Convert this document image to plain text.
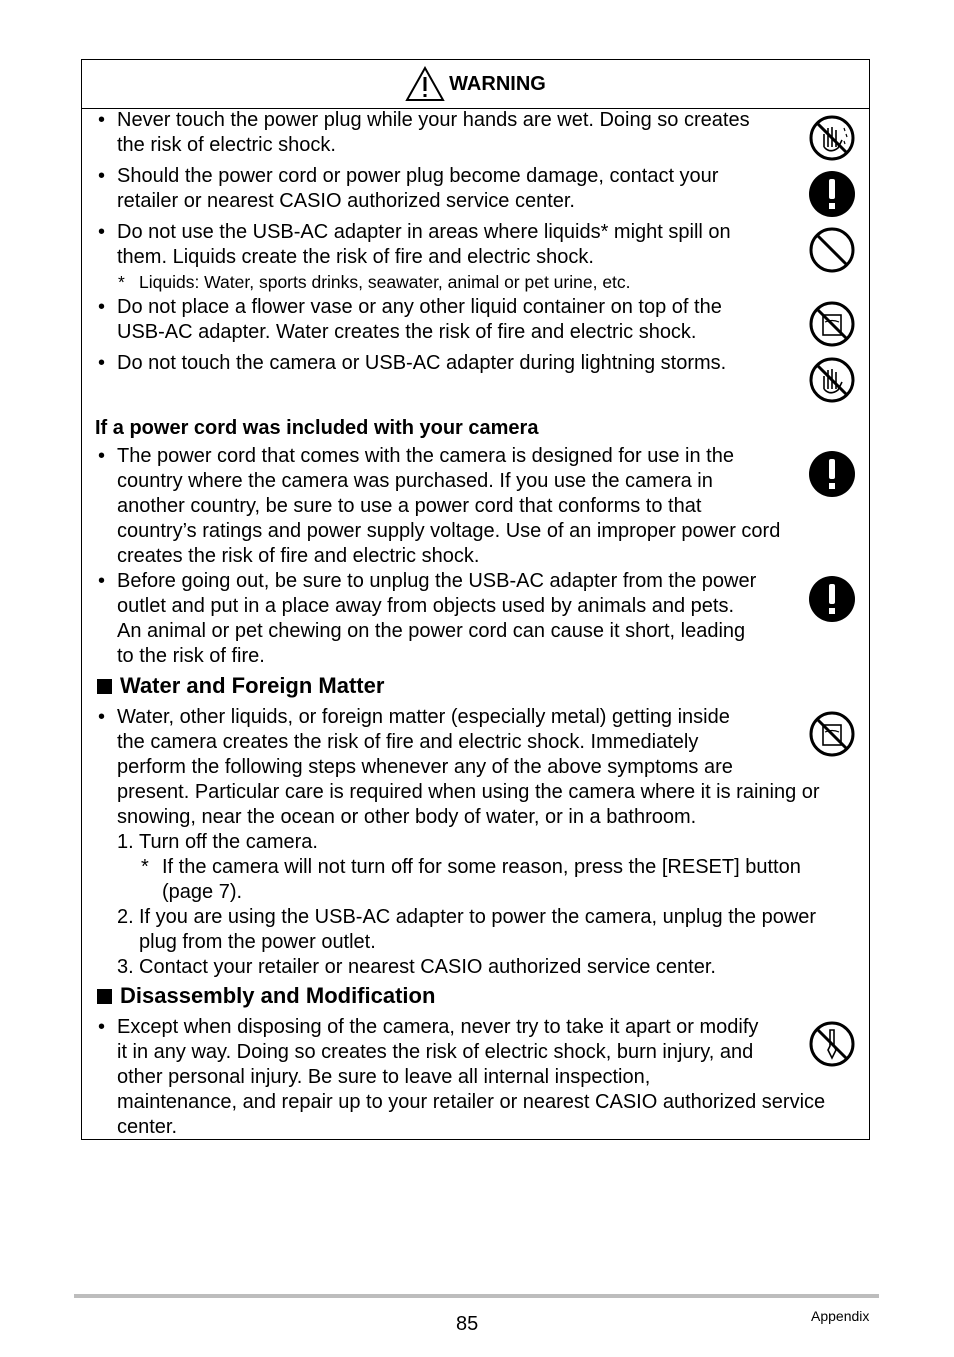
WARNING
• Never touch the power plug while your hands are wet. Doing so creates
the risk of electric shock.
• Should the power cord or power plug become damage, contact your
retailer or nearest CASIO authorized service center.
• Do not use the USB-AC adapter in areas where liquids* might spill on
them. Liquids create the risk of fire and electric shock.
* Liquids: Water, sports drinks, seawater, animal or pet urine, etc.
• Do not place a flower vase or any other liquid container on top of the
USB-AC adapter. Water creates the risk of fire and electric shock.
• Do not touch the camera or USB-AC adapter during lightning storms.
If a power cord was included with your camera
• The power cord that comes with the camera is designed for use in the
country where the camera was purchased. If you use the camera in
another country, be sure to use a power cord that conforms to that
country’s ratings and power supply voltage. Use of an improper power cord
creates the risk of fire and electric shock.
• Before going out, be sure to unplug the USB-AC adapter from the power
outlet and put in a place away from objects used by animals and pets.
An animal or pet chewing on the power cord can cause it short, leading
to the risk of fire.
Water and Foreign Matter
• Water, other liquids, or foreign matter (especially metal) getting inside
the camera creates the risk of fire and electric shock. Immediately
perform the following steps whenever any of the above symptoms are
present. Particular care is required when using the camera where it is raining or
snowing, near the ocean or other body of water, or in a bathroom.
1. Turn off the camera.
* If the camera will not turn off for some reason, press the [RESET] button
(page 7).
2. If you are using the USB-AC adapter to power the camera, unplug the power
plug from the power outlet.
3. Contact your retailer or nearest CASIO authorized service center.
Disassembly and Modification
• Except when disposing of the camera, never try to take it apart or modify
it in any way. Doing so creates the risk of electric shock, burn injury, and
other personal injury. Be sure to leave all internal inspection,
maintenance, and repair up to your retailer or nearest CASIO authorized service
center.
85	Appendix
